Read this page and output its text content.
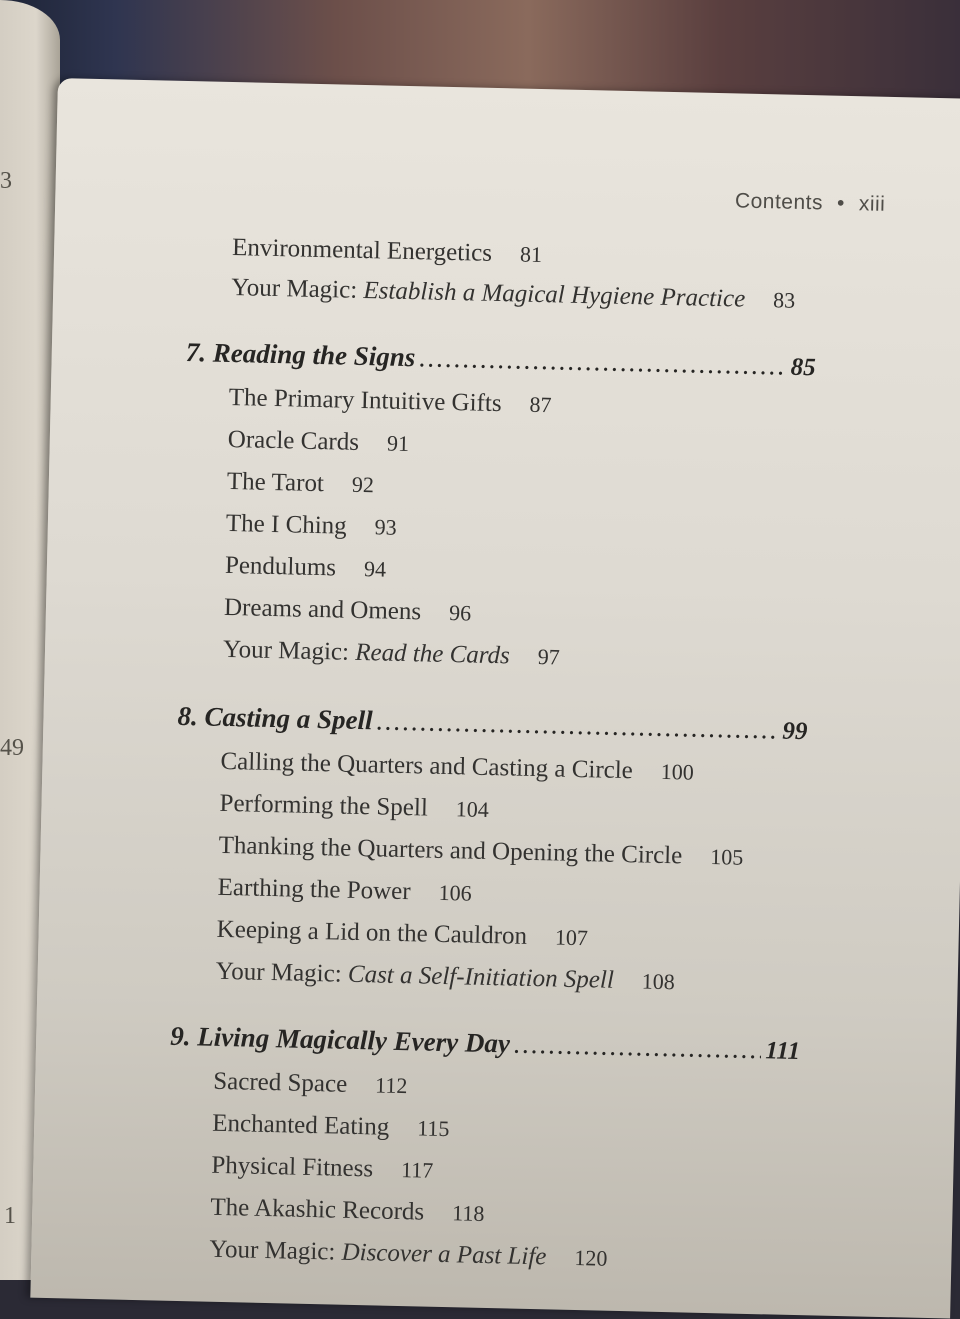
3
49
1
Contents • xiii
Environmental Energetics 81
Your Magic: Establish a Magical Hygiene Practice 83
7. Reading the Signs .....	85
The Primary Intuitive Gifts 87
Oracle Cards 91
The Tarot 92
The I Ching 93
Pendulums 94
Dreams and Omens 96
Your Magic: Read the Cards 97
8. Casting a Spell .....	99
Calling the Quarters and Casting a Circle 100
Performing the Spell 104
Thanking the Quarters and Opening the Circle 105
Earthing the Power 106
Keeping a Lid on the Cauldron 107
Your Magic: Cast a Self-Initiation Spell 108
9. Living Magically Every Day .....	111
Sacred Space 112
Enchanted Eating 115
Physical Fitness 117
The Akashic Records 118
Your Magic: Discover a Past Life 120
